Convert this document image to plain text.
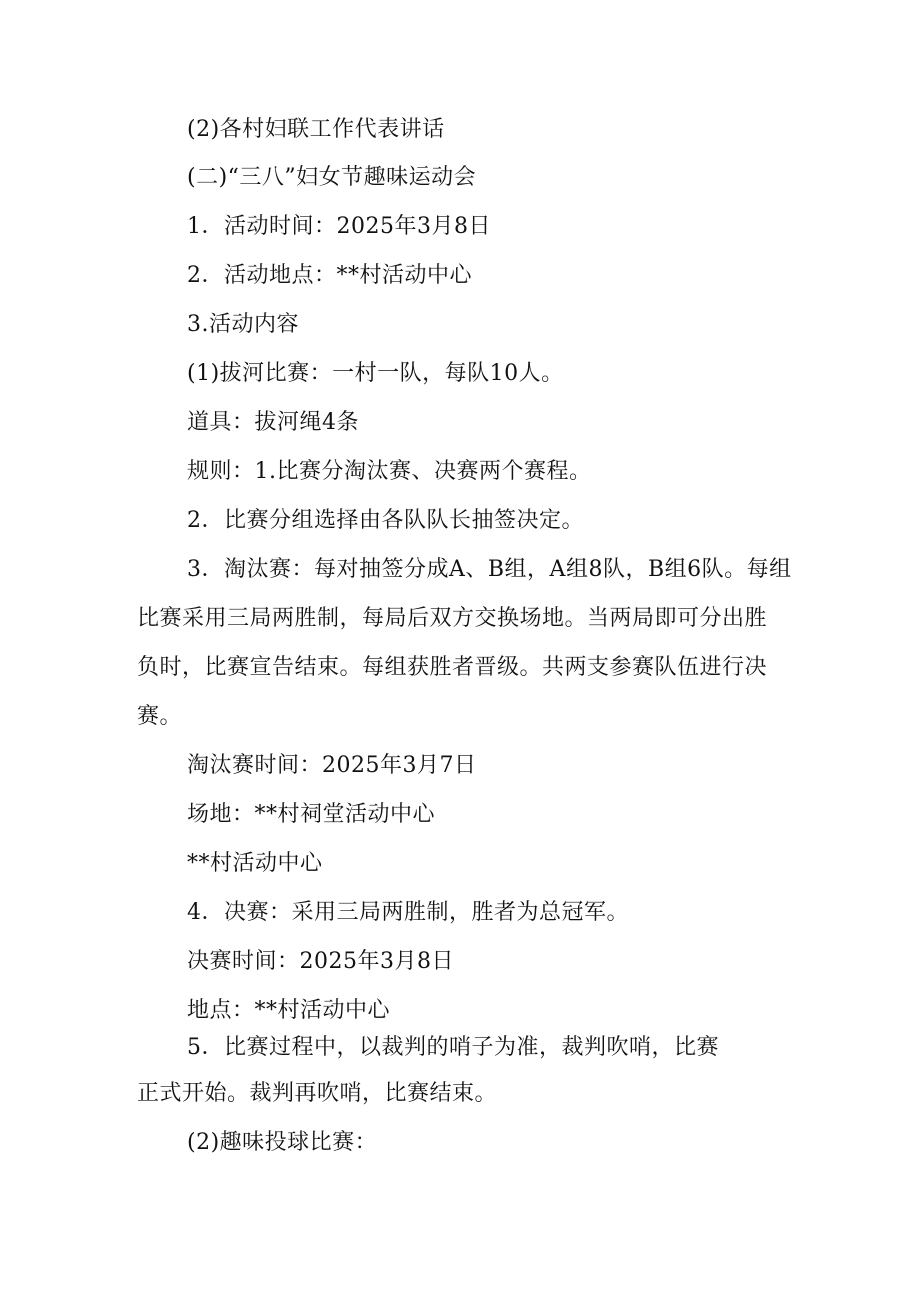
(2)各村妇联工作代表讲话
(二)“三八”妇女节趣味运动会
1．活动时间：2025年3月8日
2．活动地点：**村活动中心
3.活动内容
(1)拔河比赛：一村一队，每队10人。
道具：拔河绳4条
规则：1.比赛分淘汰赛、决赛两个赛程。
2．比赛分组选择由各队队长抽签决定。
3．淘汰赛：每对抽签分成A、B组，A组8队，B组6队。每组
比赛采用三局两胜制，每局后双方交换场地。当两局即可分出胜
负时，比赛宣告结束。每组获胜者晋级。共两支参赛队伍进行决
赛。
淘汰赛时间：2025年3月7日
场地：**村祠堂活动中心
**村活动中心
4．决赛：采用三局两胜制，胜者为总冠军。
决赛时间：2025年3月8日
地点：**村活动中心
5．比赛过程中，以裁判的哨子为准，裁判吹哨，比赛
正式开始。裁判再吹哨，比赛结束。
(2)趣味投球比赛：
